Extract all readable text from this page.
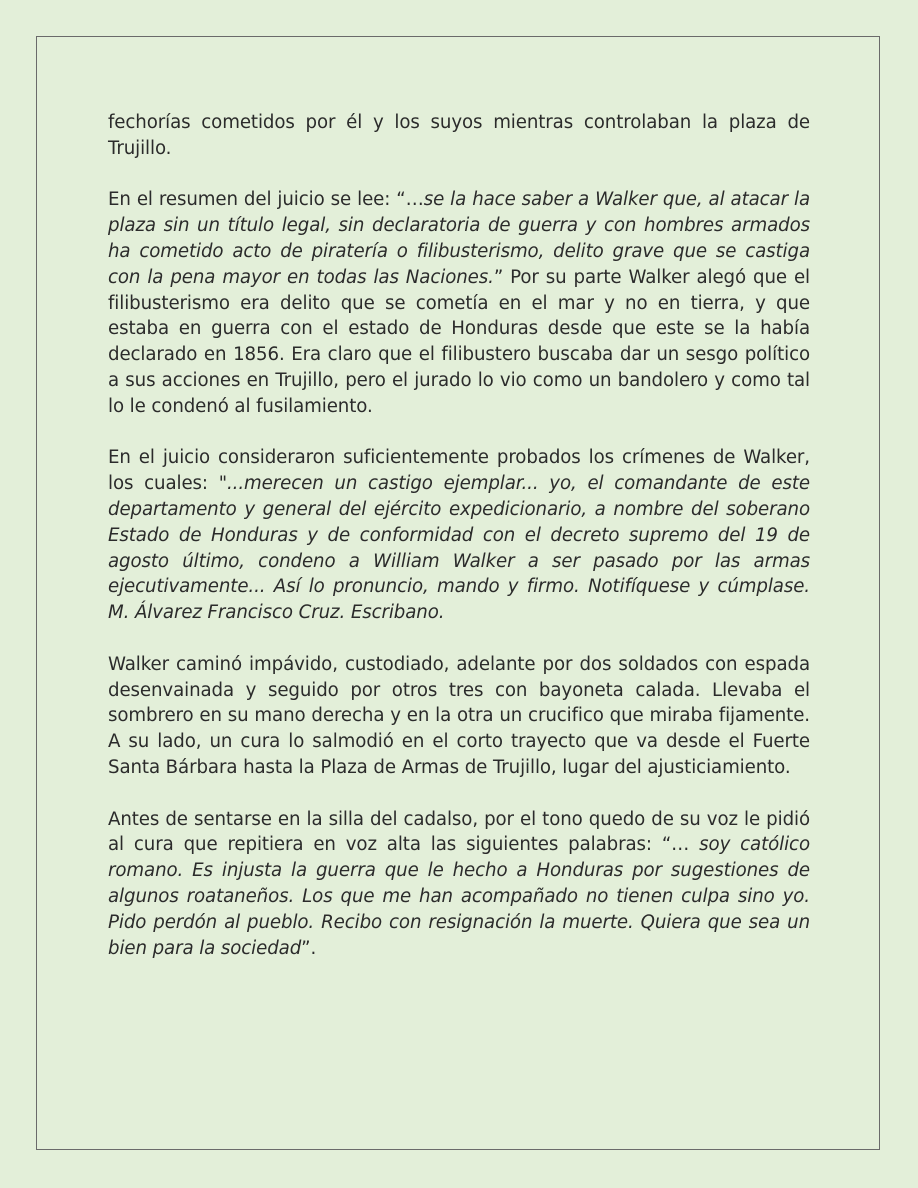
fechorías cometidos por él y los suyos mientras controlaban la plaza de Trujillo.

En el resumen del juicio se lee: “…se la hace saber a Walker que, al atacar la plaza sin un título legal, sin declaratoria de guerra y con hombres armados ha cometido acto de piratería o filibusterismo, delito grave que se castiga con la pena mayor en todas las Naciones.” Por su parte Walker alegó que el filibusterismo era delito que se cometía en el mar y no en tierra, y que estaba en guerra con el estado de Honduras desde que este se la había declarado en 1856. Era claro que el filibustero buscaba dar un sesgo político a sus acciones en Trujillo, pero el jurado lo vio como un bandolero y como tal lo le condenó al fusilamiento.

En el juicio consideraron suficientemente probados los crímenes de Walker, los cuales: "...merecen un castigo ejemplar... yo, el comandante de este departamento y general del ejército expedicionario, a nombre del soberano Estado de Honduras y de conformidad con el decreto supremo del 19 de agosto último, condeno a William Walker a ser pasado por las armas ejecutivamente... Así lo pronuncio, mando y firmo. Notifíquese y cúmplase. M. Álvarez Francisco Cruz. Escribano.

Walker caminó impávido, custodiado, adelante por dos soldados con espada desenvainada y seguido por otros tres con bayoneta calada. Llevaba el sombrero en su mano derecha y en la otra un crucifico que miraba fijamente. A su lado, un cura lo salmodió en el corto trayecto que va desde el Fuerte Santa Bárbara hasta la Plaza de Armas de Trujillo, lugar del ajusticiamiento.

Antes de sentarse en la silla del cadalso, por el tono quedo de su voz le pidió al cura que repitiera en voz alta las siguientes palabras: “… soy católico romano. Es injusta la guerra que le hecho a Honduras por sugestiones de algunos roataneños. Los que me han acompañado no tienen culpa sino yo. Pido perdón al pueblo. Recibo con resignación la muerte. Quiera que sea un bien para la sociedad”.
